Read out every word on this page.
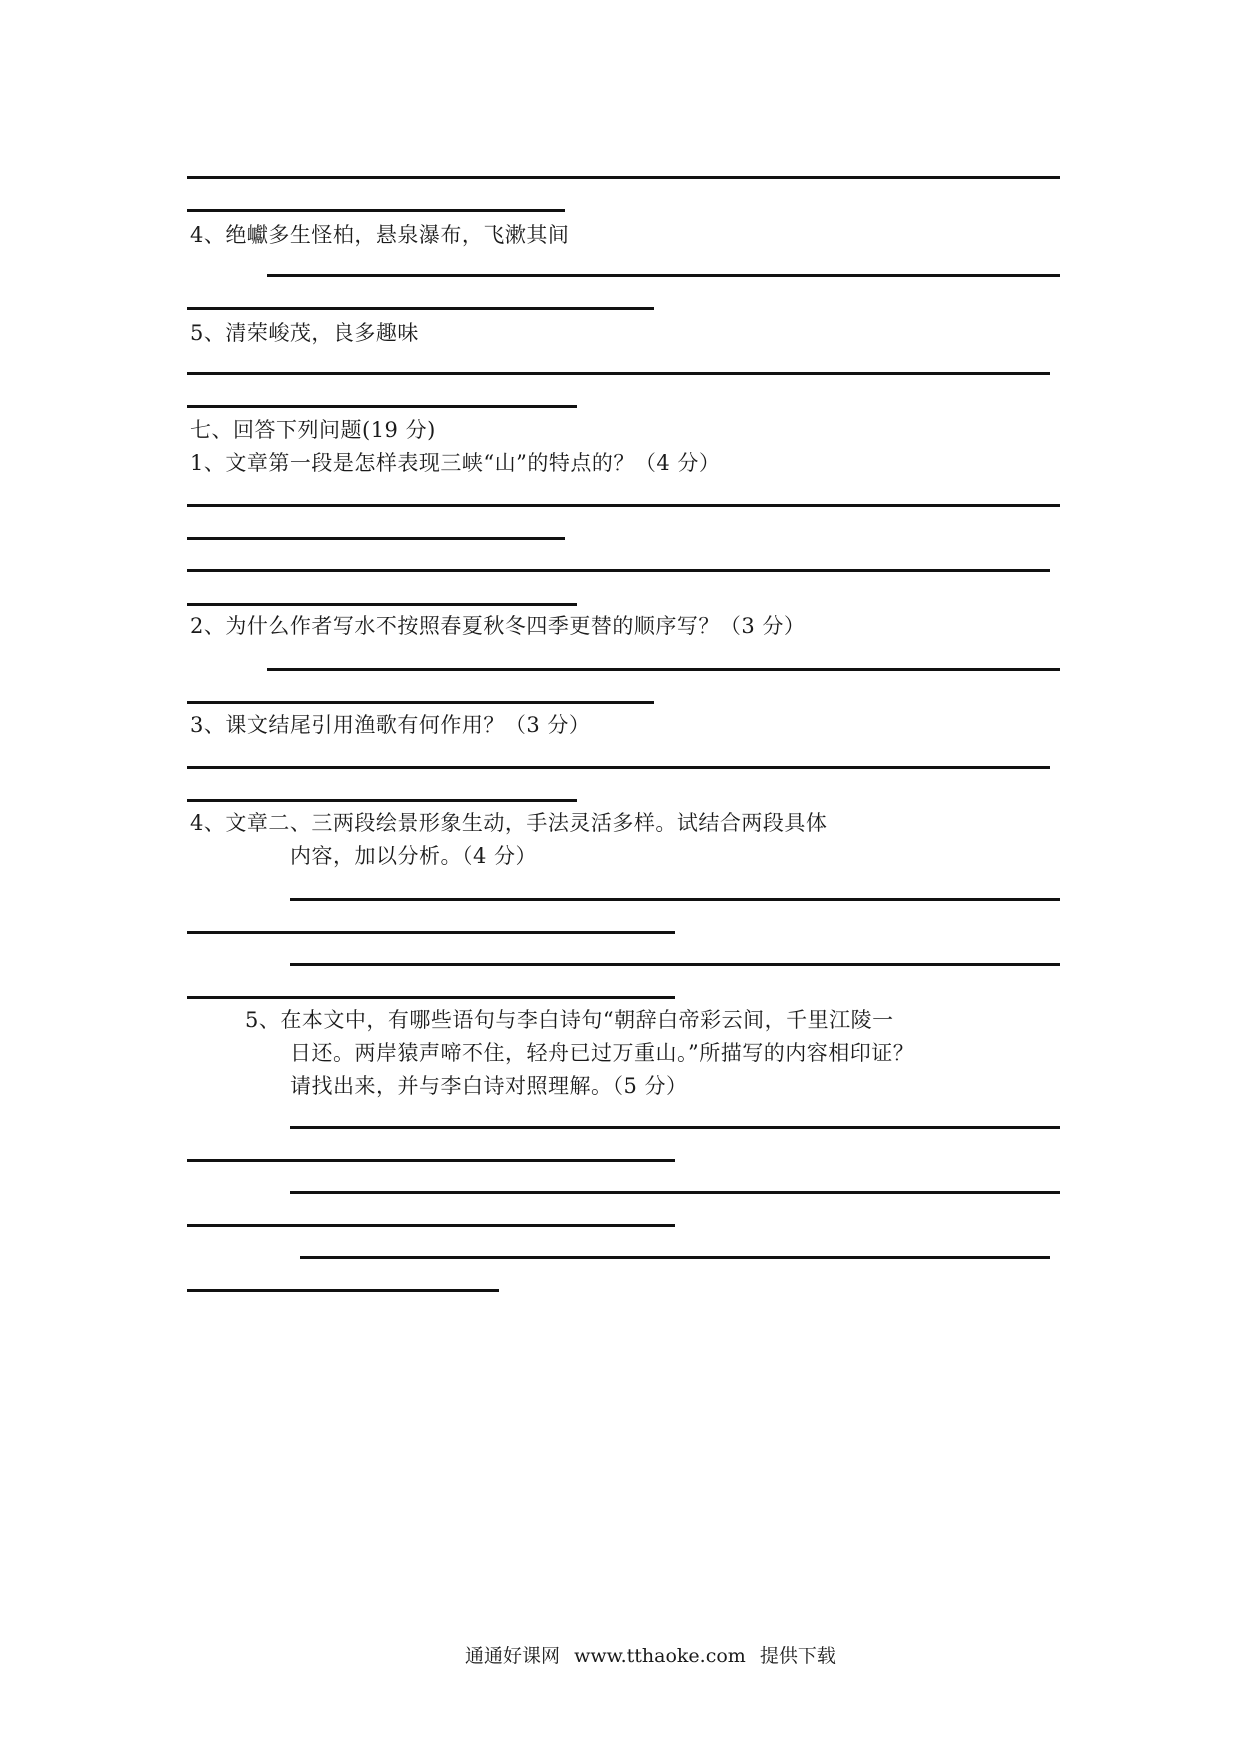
4、绝巘多生怪柏，悬泉瀑布，飞漱其间
5、清荣峻茂，良多趣味
七、回答下列问题(19 分)
1、文章第一段是怎样表现三峡“山”的特点的？（4 分）
2、为什么作者写水不按照春夏秋冬四季更替的顺序写？（3 分）
3、课文结尾引用渔歌有何作用？（3 分）
4、文章二、三两段绘景形象生动，手法灵活多样。试结合两段具体
内容，加以分析。（4 分）
5、在本文中，有哪些语句与李白诗句“朝辞白帝彩云间，千里江陵一
日还。两岸猿声啼不住，轻舟已过万重山。”所描写的内容相印证？
请找出来，并与李白诗对照理解。（5 分）
通通好课网 www.tthaoke.com 提供下载
